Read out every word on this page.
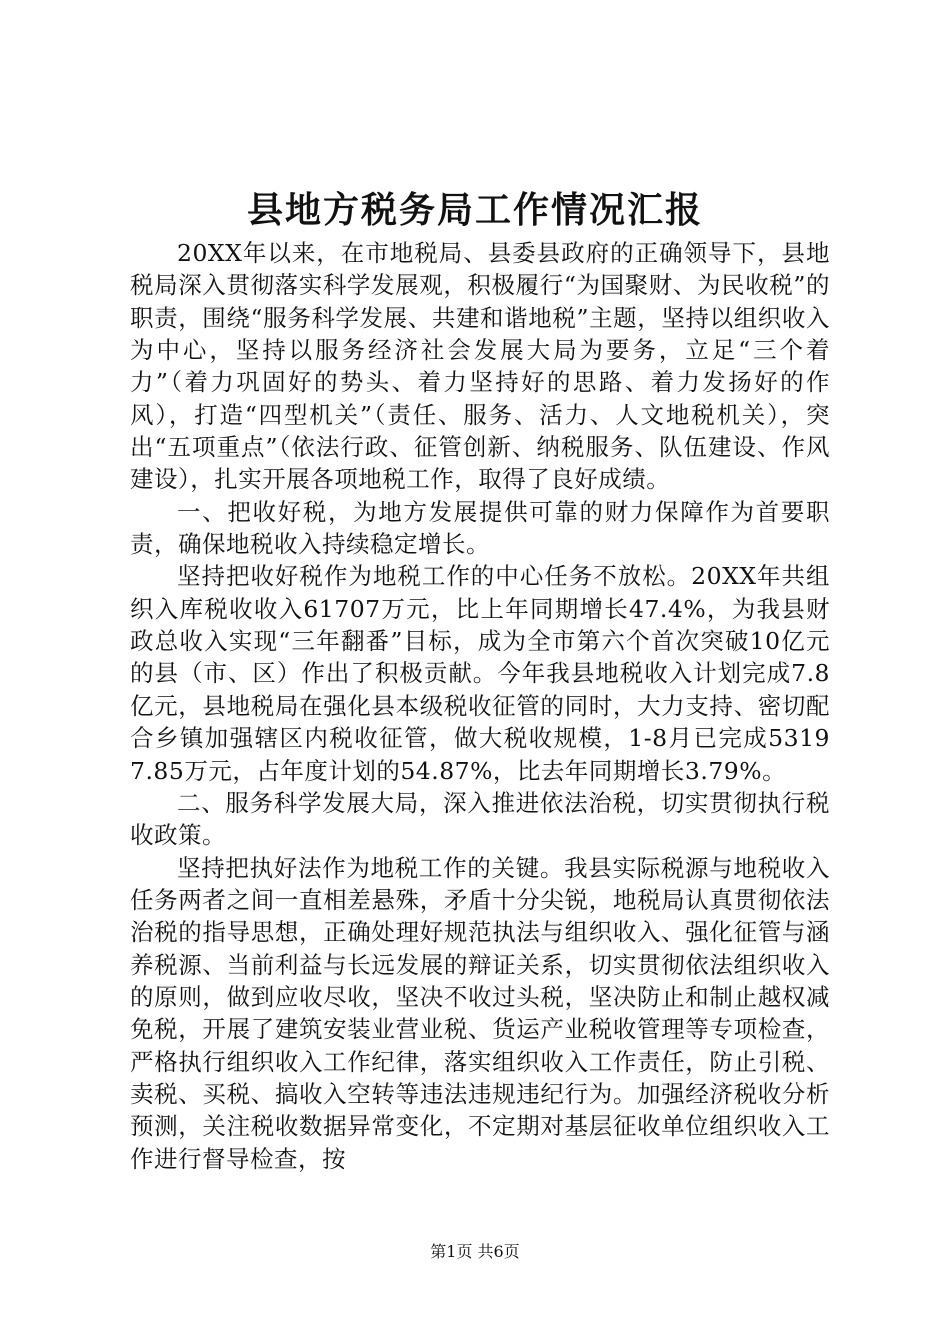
县地方税务局工作情况汇报

20XX年以来，在市地税局、县委县政府的正确领导下，县地税局深入贯彻落实科学发展观，积极履行“为国聚财、为民收税”的职责，围绕“服务科学发展、共建和谐地税”主题，坚持以组织收入为中心，坚持以服务经济社会发展大局为要务，立足“三个着力”（着力巩固好的势头、着力坚持好的思路、着力发扬好的作风），打造“四型机关”（责任、服务、活力、人文地税机关），突出“五项重点”（依法行政、征管创新、纳税服务、队伍建设、作风建设），扎实开展各项地税工作，取得了良好成绩。

一、把收好税，为地方发展提供可靠的财力保障作为首要职责，确保地税收入持续稳定增长。

坚持把收好税作为地税工作的中心任务不放松。20XX年共组织入库税收收入61707万元，比上年同期增长47.4%，为我县财政总收入实现“三年翻番”目标，成为全市第六个首次突破10亿元的县（市、区）作出了积极贡献。今年我县地税收入计划完成7.8亿元，县地税局在强化县本级税收征管的同时，大力支持、密切配合乡镇加强辖区内税收征管，做大税收规模，1-8月已完成53197.85万元，占年度计划的54.87%，比去年同期增长3.79%。

二、服务科学发展大局，深入推进依法治税，切实贯彻执行税收政策。

坚持把执好法作为地税工作的关键。我县实际税源与地税收入任务两者之间一直相差悬殊，矛盾十分尖锐，地税局认真贯彻依法治税的指导思想，正确处理好规范执法与组织收入、强化征管与涵养税源、当前利益与长远发展的辩证关系，切实贯彻依法组织收入的原则，做到应收尽收，坚决不收过头税，坚决防止和制止越权减免税，开展了建筑安装业营业税、货运产业税收管理等专项检查，严格执行组织收入工作纪律，落实组织收入工作责任，防止引税、卖税、买税、搞收入空转等违法违规违纪行为。加强经济税收分析预测，关注税收数据异常变化，不定期对基层征收单位组织收入工作进行督导检查，按

第1页 共6页
